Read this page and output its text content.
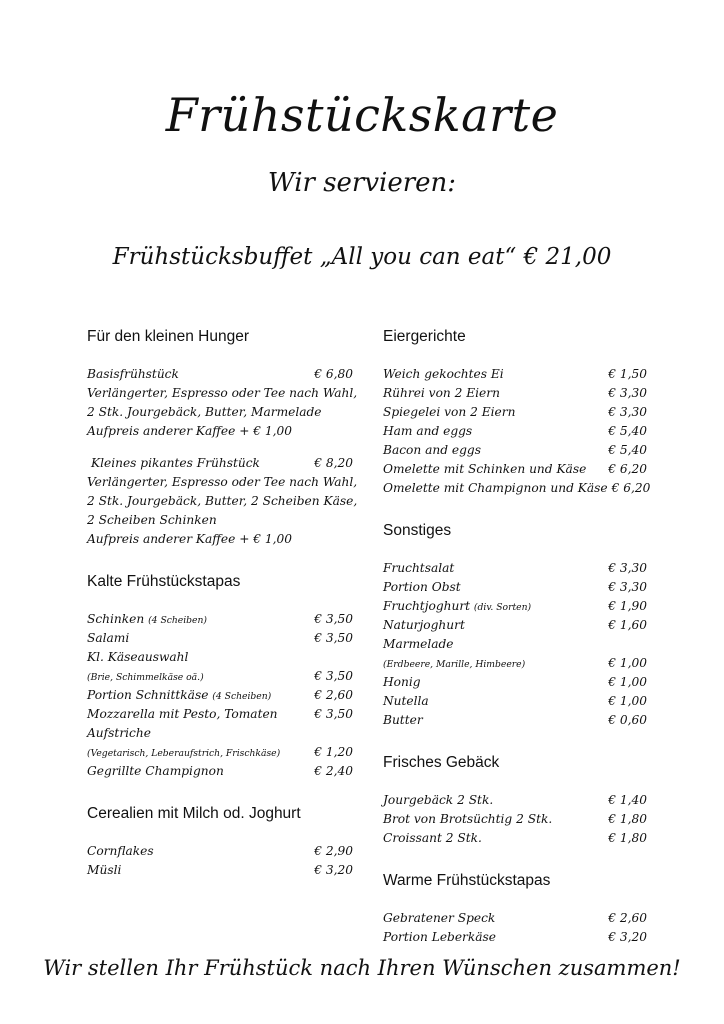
Frühstückskarte
Wir servieren:
Frühstücksbuffet „All you can eat“ € 21,00
Für den kleinen Hunger
Basisfrühstück	€ 6,80
Verlängerter, Espresso oder Tee nach Wahl,
2 Stk. Jourgebäck, Butter, Marmelade
Aufpreis anderer Kaffee + € 1,00
Kleines pikantes Frühstück	€ 8,20
Verlängerter, Espresso oder Tee nach Wahl,
2 Stk. Jourgebäck, Butter, 2 Scheiben Käse,
2 Scheiben Schinken
Aufpreis anderer Kaffee + € 1,00
Kalte Frühstückstapas
Schinken (4 Scheiben)	€ 3,50
Salami	€ 3,50
Kl. Käseauswahl
(Brie, Schimmelkäse oä.)	€ 3,50
Portion Schnittkäse (4 Scheiben)	€ 2,60
Mozzarella mit Pesto, Tomaten	€ 3,50
Aufstriche
(Vegetarisch, Leberaufstrich, Frischkäse)	€ 1,20
Gegrillte Champignon	€ 2,40
Cerealien mit Milch od. Joghurt
Cornflakes	€ 2,90
Müsli	€ 3,20
Eiergerichte
Weich gekochtes Ei	€ 1,50
Rührei von 2 Eiern	€ 3,30
Spiegelei von 2 Eiern	€ 3,30
Ham and eggs	€ 5,40
Bacon and eggs	€ 5,40
Omelette mit Schinken und Käse € 6,20
Omelette mit Champignon und Käse € 6,20
Sonstiges
Fruchtsalat	€ 3,30
Portion Obst	€ 3,30
Fruchtjoghurt (div. Sorten)	€ 1,90
Naturjoghurt	€ 1,60
Marmelade
(Erdbeere, Marille, Himbeere)	€ 1,00
Honig	€ 1,00
Nutella	€ 1,00
Butter	€ 0,60
Frisches Gebäck
Jourgebäck 2 Stk.	€ 1,40
Brot von Brotsüchtig 2 Stk.	€ 1,80
Croissant 2 Stk.	€ 1,80
Warme Frühstückstapas
Gebratener Speck	€ 2,60
Portion Leberkäse	€ 3,20
Wir stellen Ihr Frühstück nach Ihren Wünschen zusammen!
